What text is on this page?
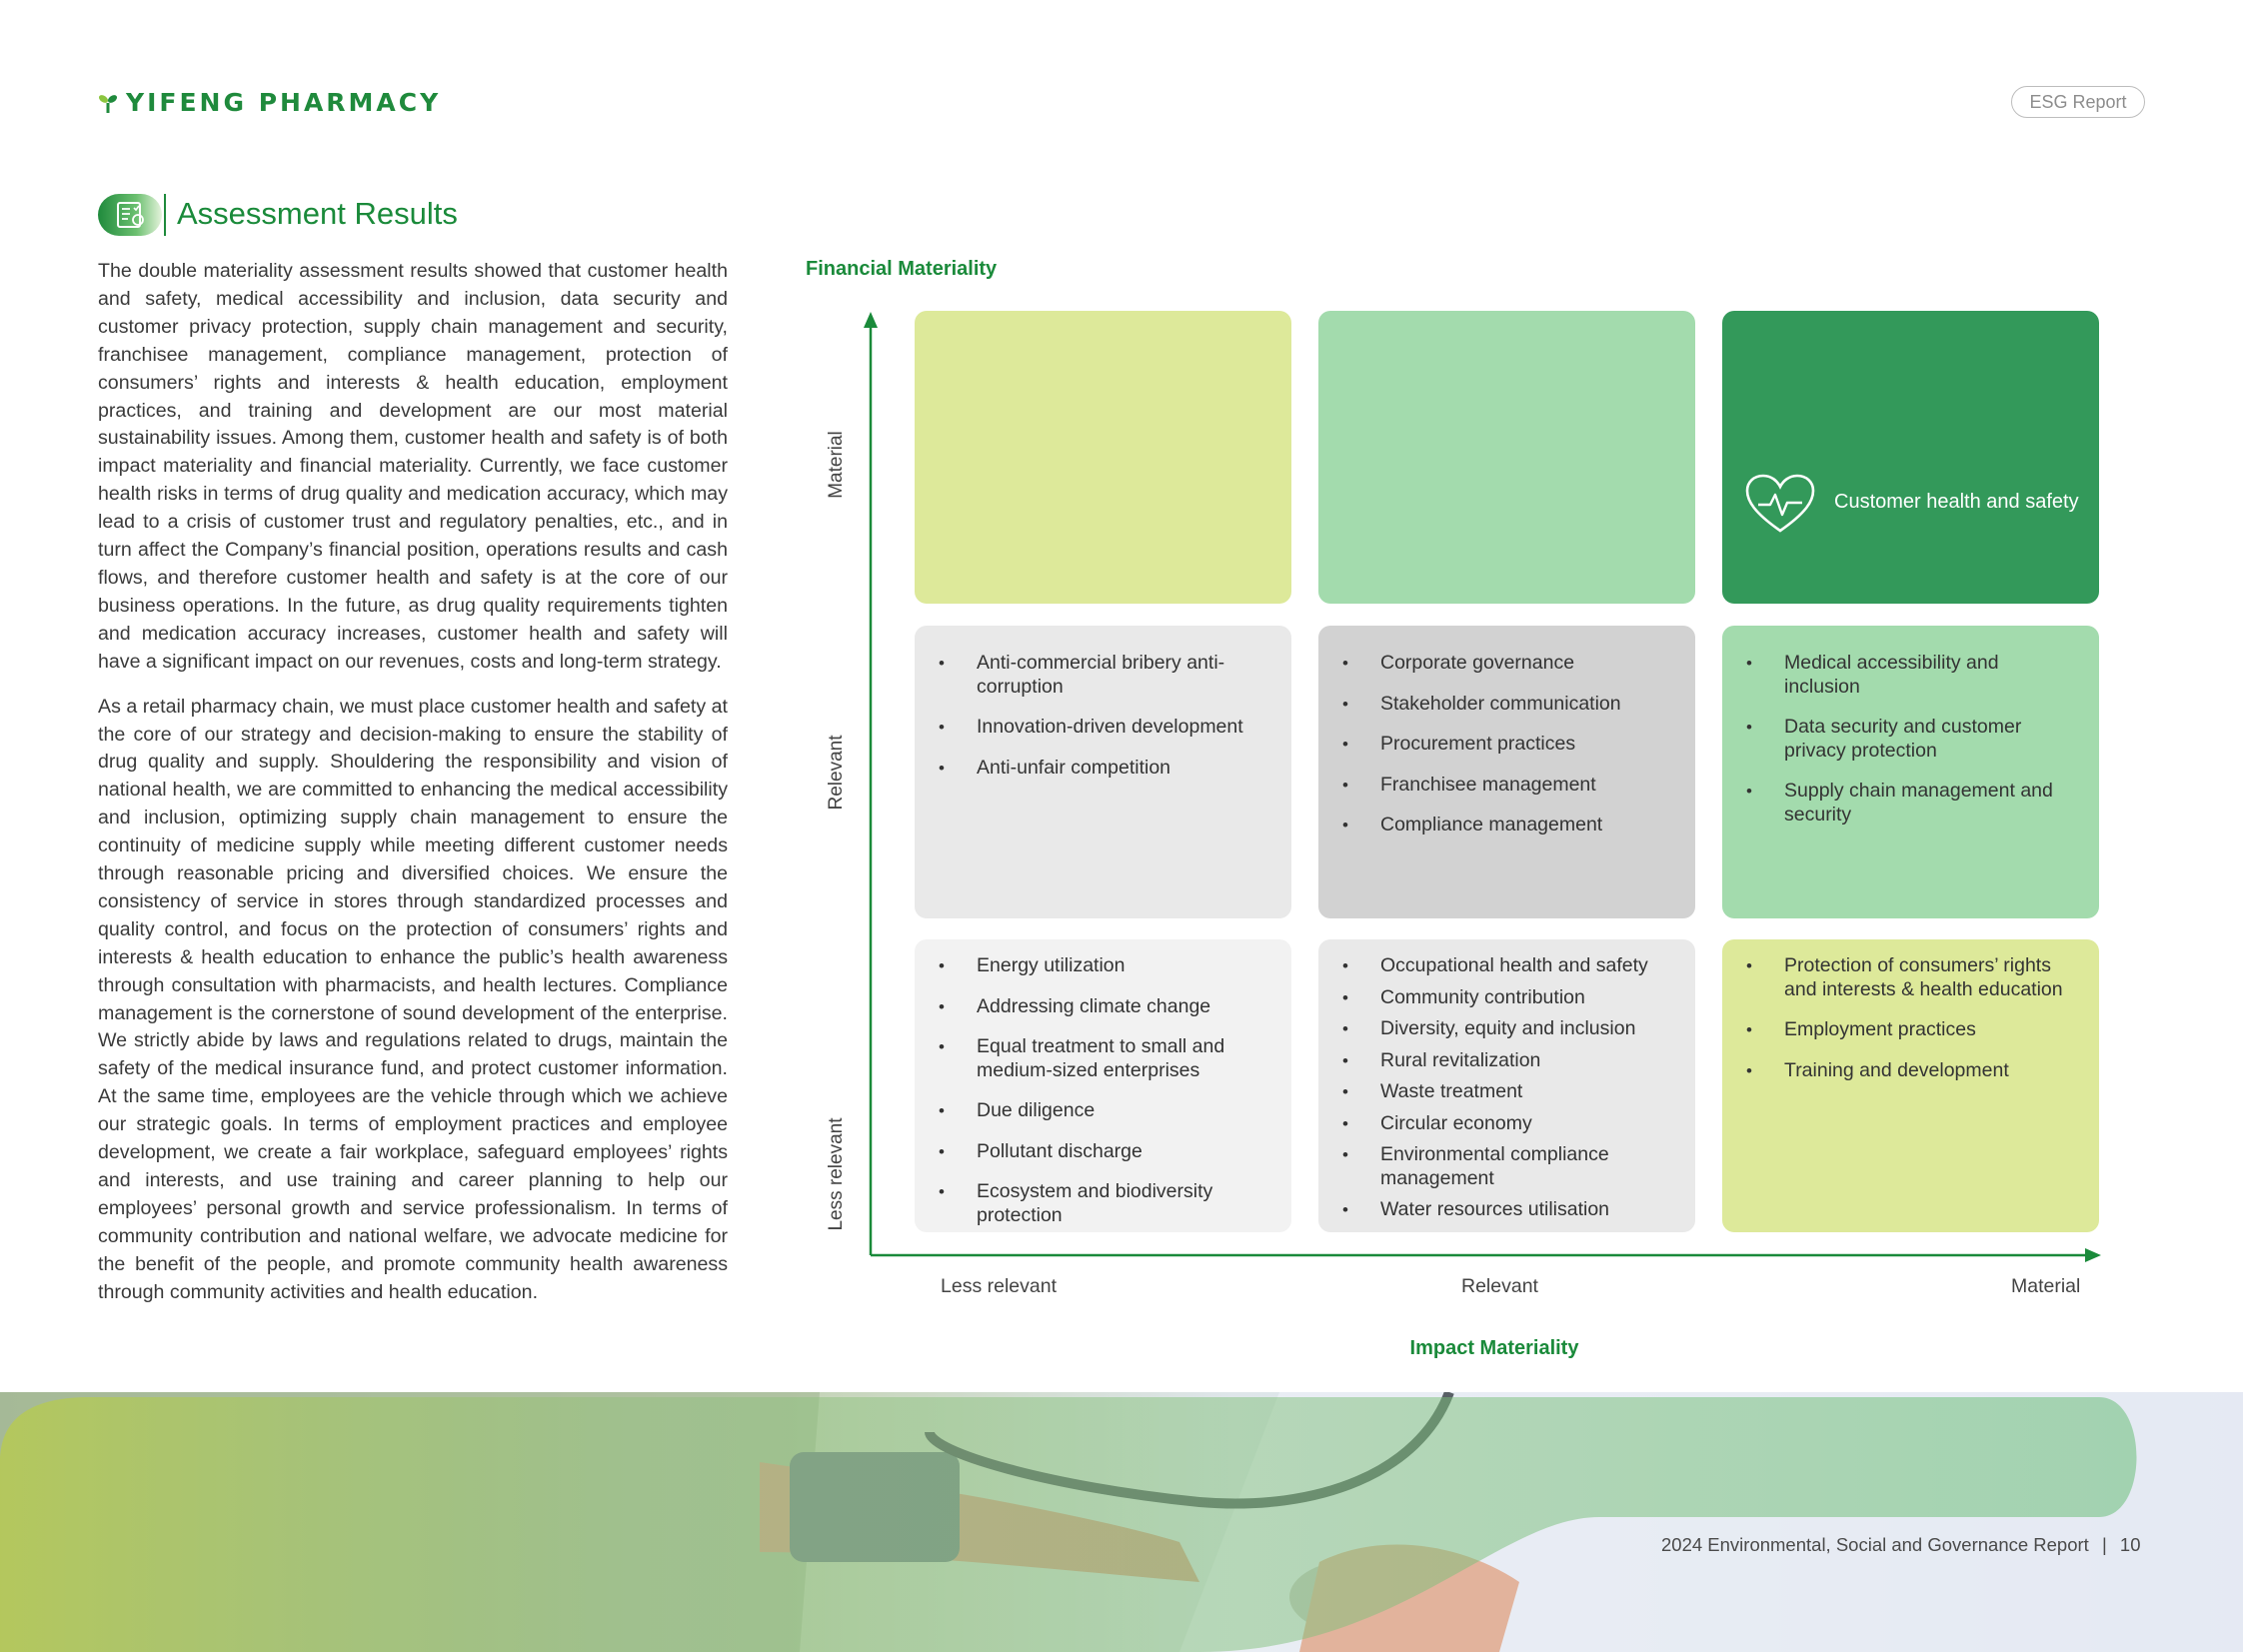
YIFENG PHARMACY	ESG Report
Assessment Results

The double materiality assessment results showed that customer health and safety, medical accessibility and inclusion, data security and customer privacy protection, supply chain management and security, franchisee management, compliance management, protection of consumers’ rights and interests & health education, employment practices, and training and development are our most material sustainability issues. Among them, customer health and safety is of both impact materiality and financial materiality. Currently, we face customer health risks in terms of drug quality and medication accuracy, which may lead to a crisis of customer trust and regulatory penalties, etc., and in turn affect the Company’s financial position, operations results and cash flows, and therefore customer health and safety is at the core of our business operations. In the future, as drug quality requirements tighten and medication accuracy increases, customer health and safety will have a significant impact on our revenues, costs and long-term strategy.

As a retail pharmacy chain, we must place customer health and safety at the core of our strategy and decision-making to ensure the stability of drug quality and supply. Shouldering the responsibility and vision of national health, we are committed to enhancing the medical accessibility and inclusion, optimizing supply chain management to ensure the continuity of medicine supply while meeting different customer needs through reasonable pricing and diversified choices. We ensure the consistency of service in stores through standardized processes and quality control, and focus on the protection of consumers’ rights and interests & health education to enhance the public’s health awareness through consultation with pharmacists, and health lectures. Compliance management is the cornerstone of sound development of the enterprise. We strictly abide by laws and regulations related to drugs, maintain the safety of the medical insurance fund, and protect customer information. At the same time, employees are the vehicle through which we achieve our strategic goals. In terms of employment practices and employee development, we create a fair workplace, safeguard employees’ rights and interests, and use training and career planning to help our employees’ personal growth and service professionalism. In terms of community contribution and national welfare, we advocate medicine for the benefit of the people, and promote community health awareness through community activities and health education.

Financial Materiality
Impact Materiality
Material
Relevant
Less relevant
Less relevant	Relevant	Material
Customer health and safety
• Anti-commercial bribery anti-corruption
• Innovation-driven development
• Anti-unfair competition
• Corporate governance
• Stakeholder communication
• Procurement practices
• Franchisee management
• Compliance management
• Medical accessibility and inclusion
• Data security and customer privacy protection
• Supply chain management and security
• Energy utilization
• Addressing climate change
• Equal treatment to small and medium-sized enterprises
• Due diligence
• Pollutant discharge
• Ecosystem and biodiversity protection
• Occupational health and safety
• Community contribution
• Diversity, equity and inclusion
• Rural revitalization
• Waste treatment
• Circular economy
• Environmental compliance management
• Water resources utilisation
• Protection of consumers’ rights and interests & health education
• Employment practices
• Training and development
2024 Environmental, Social and Governance Report | 10
